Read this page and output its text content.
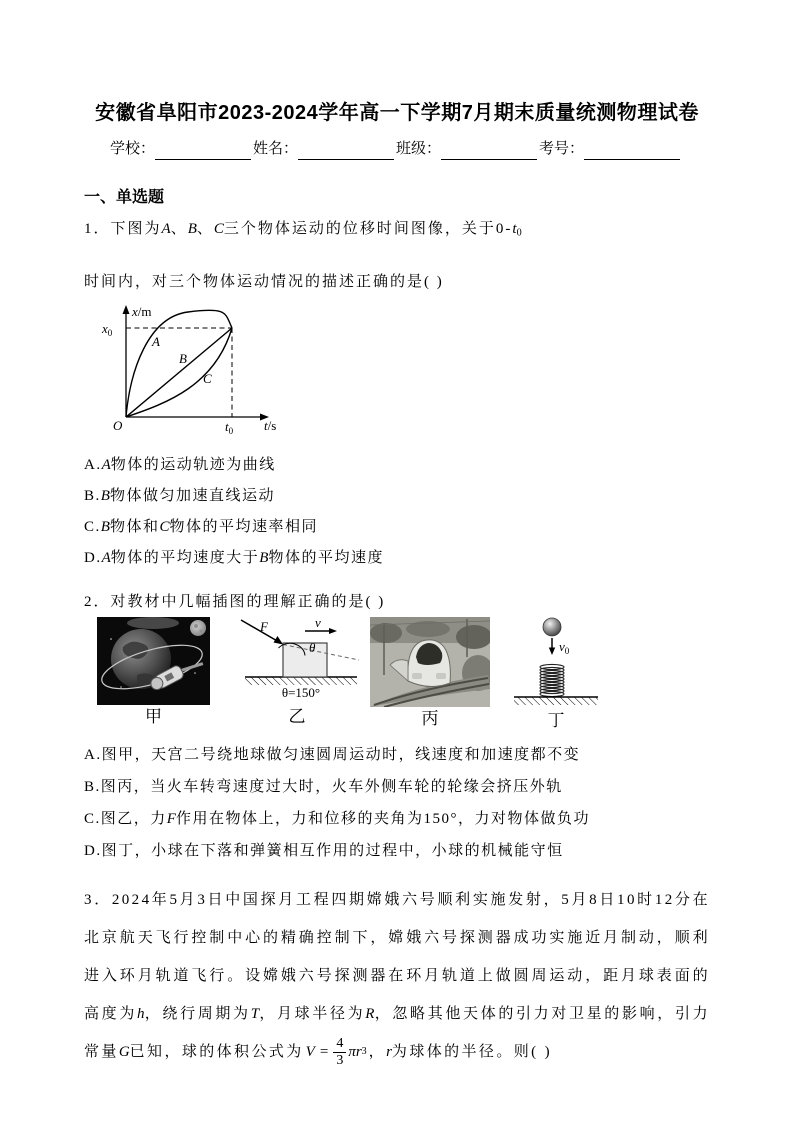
安徽省阜阳市2023-2024学年高一下学期7月期末质量统测物理试卷
学校：	姓名：	班级：	考号：
一、单选题
1．下图为A、B、C三个物体运动的位移时间图像，关于0-t0
时间内，对三个物体运动情况的描述正确的是( )
x/m
t/s
O
$x_0$
$t_0$
A
B
C
A.A物体的运动轨迹为曲线
B.B物体做匀加速直线运动
C.B物体和C物体的平均速率相同
D.A物体的平均速度大于B物体的平均速度
2．对教材中几幅插图的理解正确的是( )
甲
F	v
θ
θ=150°
乙	丙
$v_0$
丁
A.图甲，天宫二号绕地球做匀速圆周运动时，线速度和加速度都不变
B.图丙，当火车转弯速度过大时，火车外侧车轮的轮缘会挤压外轨
C.图乙，力F作用在物体上，力和位移的夹角为150°，力对物体做负功
D.图丁，小球在下落和弹簧相互作用的过程中，小球的机械能守恒

3．2024年5月3日中国探月工程四期嫦娥六号顺利实施发射，5月8日10时12分在北京航天飞行控制中心的精确控制下，嫦娥六号探测器成功实施近月制动，顺利进入环月轨道飞行。设嫦娥六号探测器在环月轨道上做圆周运动，距月球表面的高度为h，绕行周期为T，月球半径为R，忽略其他天体的引力对卫星的影响，引力常量G已知，球的体积公式为 $V = \frac{4}{3}$ πr 3 ，r为球体的半径。则( )
